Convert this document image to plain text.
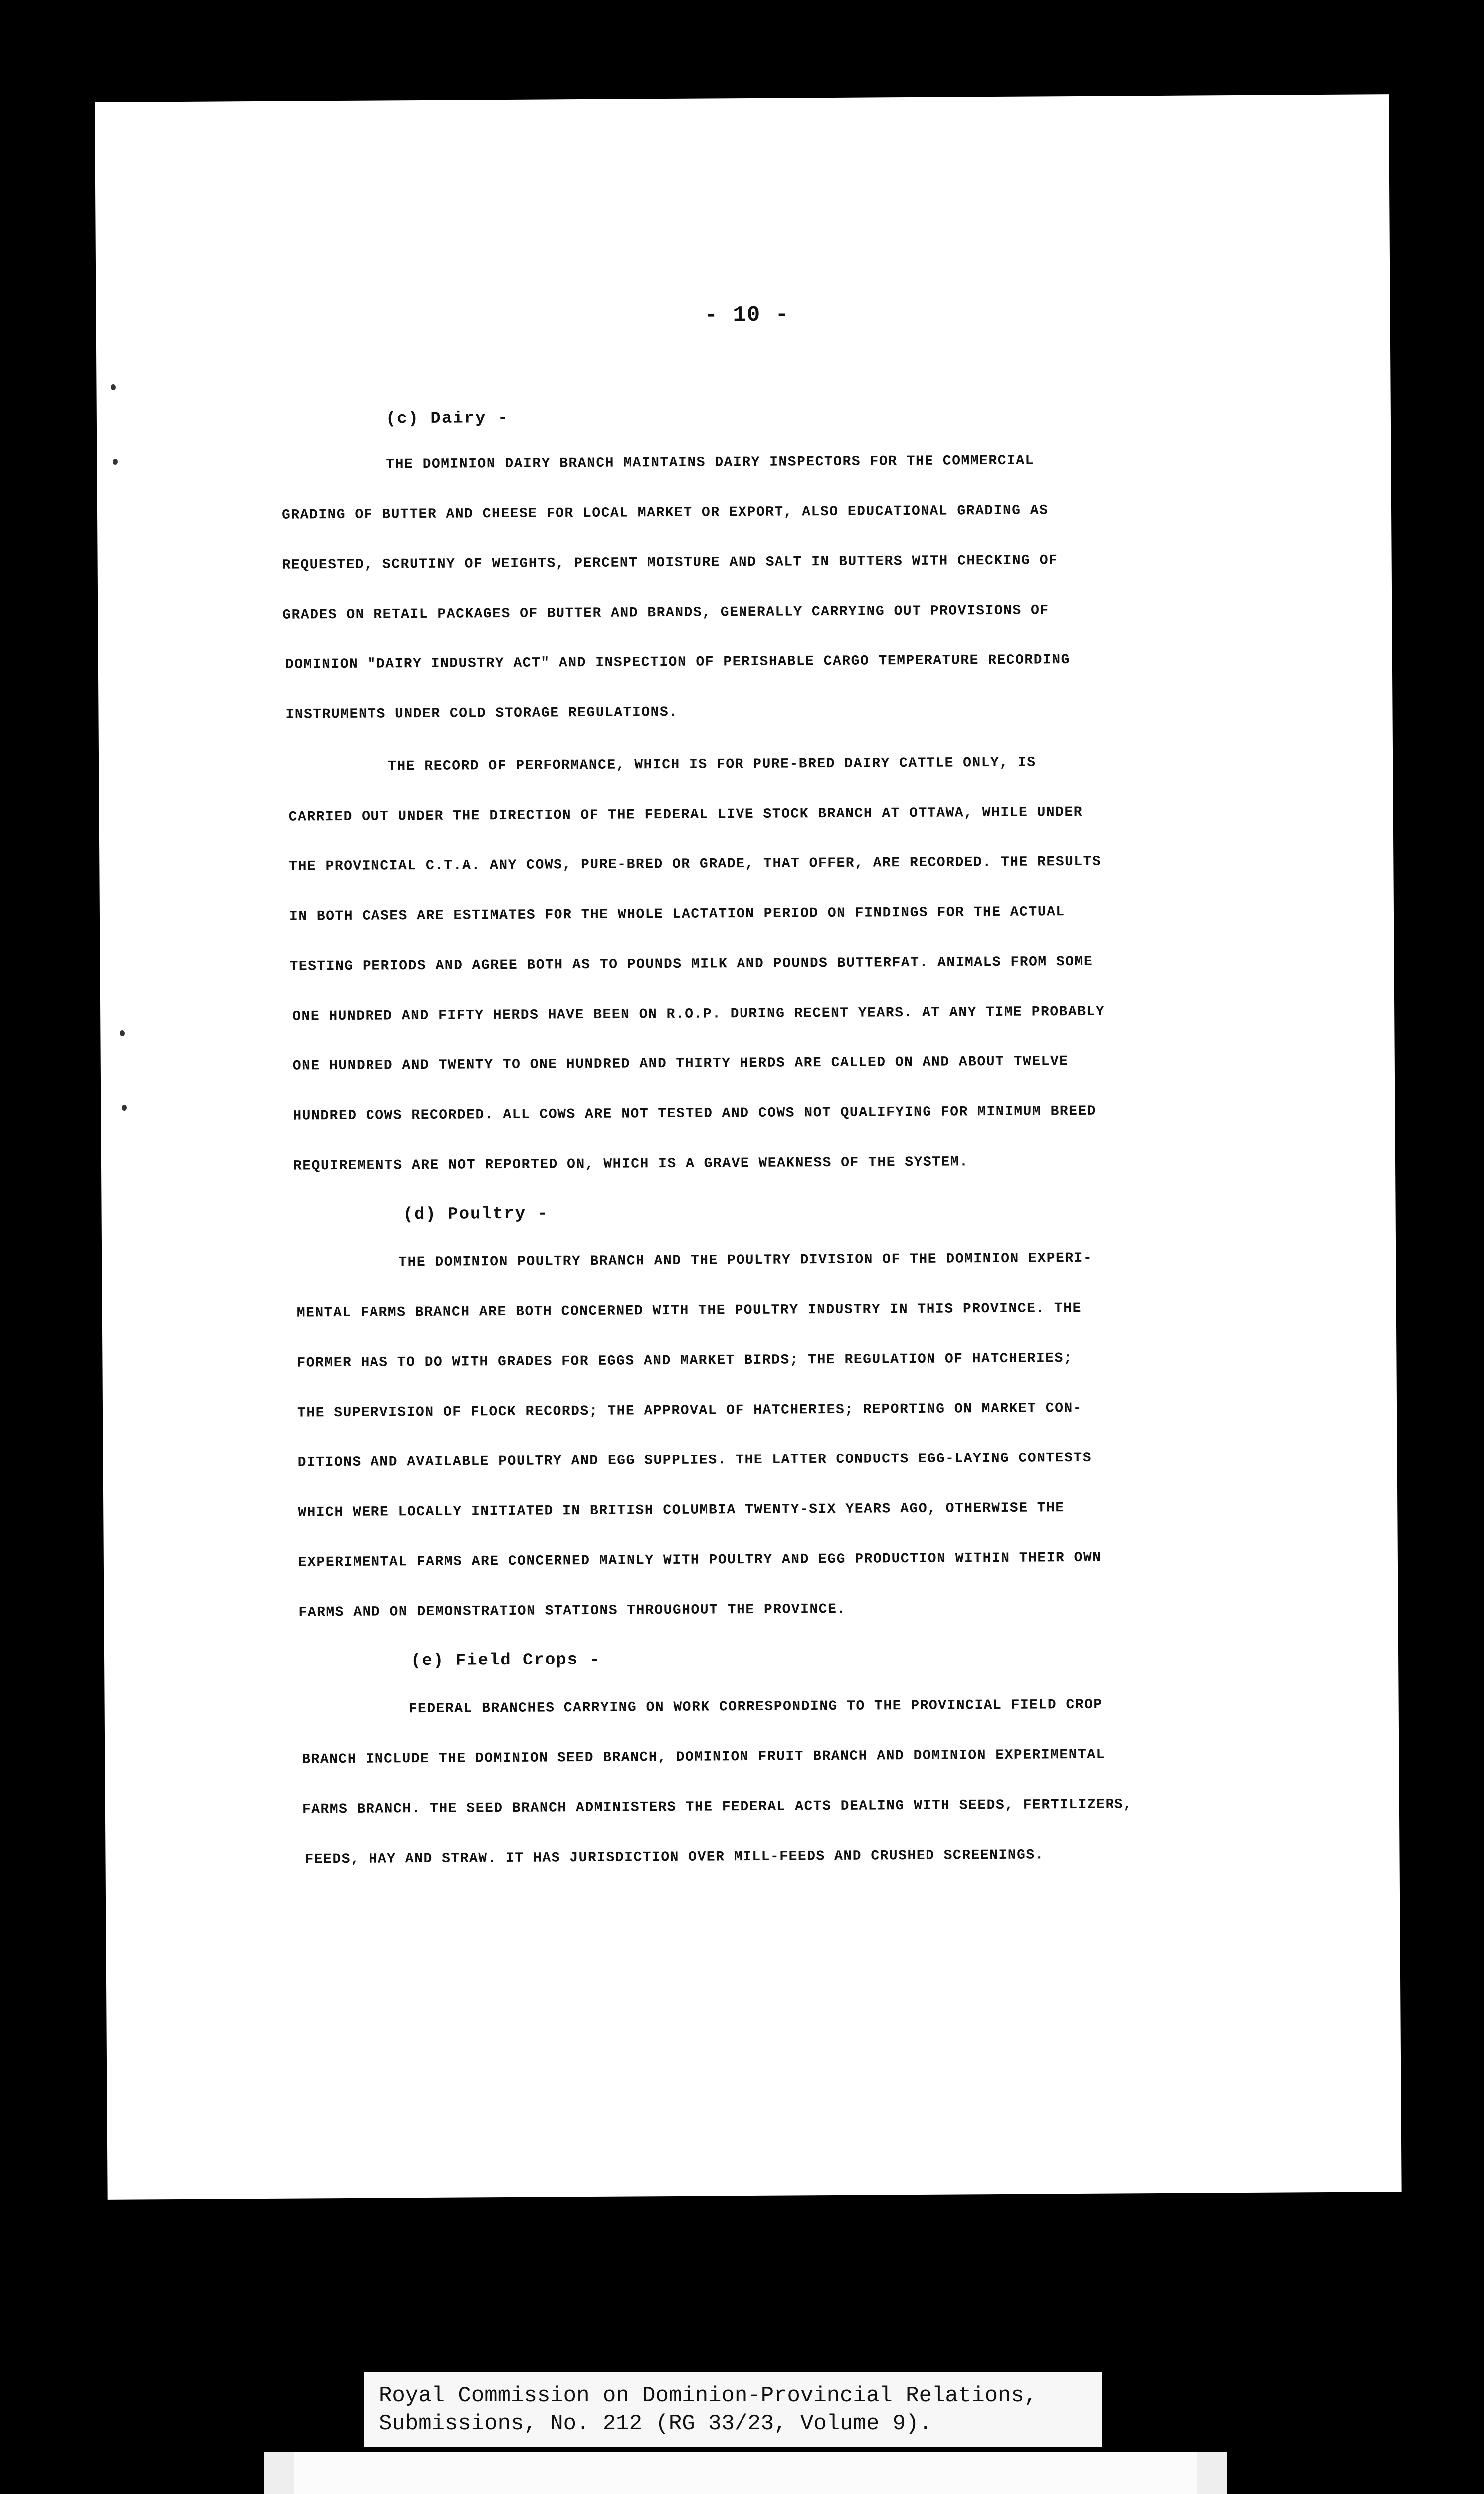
- 10 -
(c) Dairy -
THE DOMINION DAIRY BRANCH MAINTAINS DAIRY INSPECTORS FOR THE COMMERCIAL
GRADING OF BUTTER AND CHEESE FOR LOCAL MARKET OR EXPORT, ALSO EDUCATIONAL GRADING AS
REQUESTED, SCRUTINY OF WEIGHTS, PERCENT MOISTURE AND SALT IN BUTTERS WITH CHECKING OF
GRADES ON RETAIL PACKAGES OF BUTTER AND BRANDS, GENERALLY CARRYING OUT PROVISIONS OF
DOMINION "DAIRY INDUSTRY ACT" AND INSPECTION OF PERISHABLE CARGO TEMPERATURE RECORDING
INSTRUMENTS UNDER COLD STORAGE REGULATIONS.
THE RECORD OF PERFORMANCE, WHICH IS FOR PURE-BRED DAIRY CATTLE ONLY, IS
CARRIED OUT UNDER THE DIRECTION OF THE FEDERAL LIVE STOCK BRANCH AT OTTAWA, WHILE UNDER
THE PROVINCIAL C.T.A. ANY COWS, PURE-BRED OR GRADE, THAT OFFER, ARE RECORDED. THE RESULTS
IN BOTH CASES ARE ESTIMATES FOR THE WHOLE LACTATION PERIOD ON FINDINGS FOR THE ACTUAL
TESTING PERIODS AND AGREE BOTH AS TO POUNDS MILK AND POUNDS BUTTERFAT. ANIMALS FROM SOME
ONE HUNDRED AND FIFTY HERDS HAVE BEEN ON R.O.P. DURING RECENT YEARS. AT ANY TIME PROBABLY
ONE HUNDRED AND TWENTY TO ONE HUNDRED AND THIRTY HERDS ARE CALLED ON AND ABOUT TWELVE
HUNDRED COWS RECORDED. ALL COWS ARE NOT TESTED AND COWS NOT QUALIFYING FOR MINIMUM BREED
REQUIREMENTS ARE NOT REPORTED ON, WHICH IS A GRAVE WEAKNESS OF THE SYSTEM.
(d) Poultry -
THE DOMINION POULTRY BRANCH AND THE POULTRY DIVISION OF THE DOMINION EXPERI-
MENTAL FARMS BRANCH ARE BOTH CONCERNED WITH THE POULTRY INDUSTRY IN THIS PROVINCE. THE
FORMER HAS TO DO WITH GRADES FOR EGGS AND MARKET BIRDS; THE REGULATION OF HATCHERIES;
THE SUPERVISION OF FLOCK RECORDS; THE APPROVAL OF HATCHERIES; REPORTING ON MARKET CON-
DITIONS AND AVAILABLE POULTRY AND EGG SUPPLIES. THE LATTER CONDUCTS EGG-LAYING CONTESTS
WHICH WERE LOCALLY INITIATED IN BRITISH COLUMBIA TWENTY-SIX YEARS AGO, OTHERWISE THE
EXPERIMENTAL FARMS ARE CONCERNED MAINLY WITH POULTRY AND EGG PRODUCTION WITHIN THEIR OWN
FARMS AND ON DEMONSTRATION STATIONS THROUGHOUT THE PROVINCE.
(e) Field Crops -
FEDERAL BRANCHES CARRYING ON WORK CORRESPONDING TO THE PROVINCIAL FIELD CROP
BRANCH INCLUDE THE DOMINION SEED BRANCH, DOMINION FRUIT BRANCH AND DOMINION EXPERIMENTAL
FARMS BRANCH. THE SEED BRANCH ADMINISTERS THE FEDERAL ACTS DEALING WITH SEEDS, FERTILIZERS,
FEEDS, HAY AND STRAW. IT HAS JURISDICTION OVER MILL-FEEDS AND CRUSHED SCREENINGS.
Royal Commission on Dominion-Provincial Relations,
Submissions, No. 212 (RG 33/23, Volume 9).
